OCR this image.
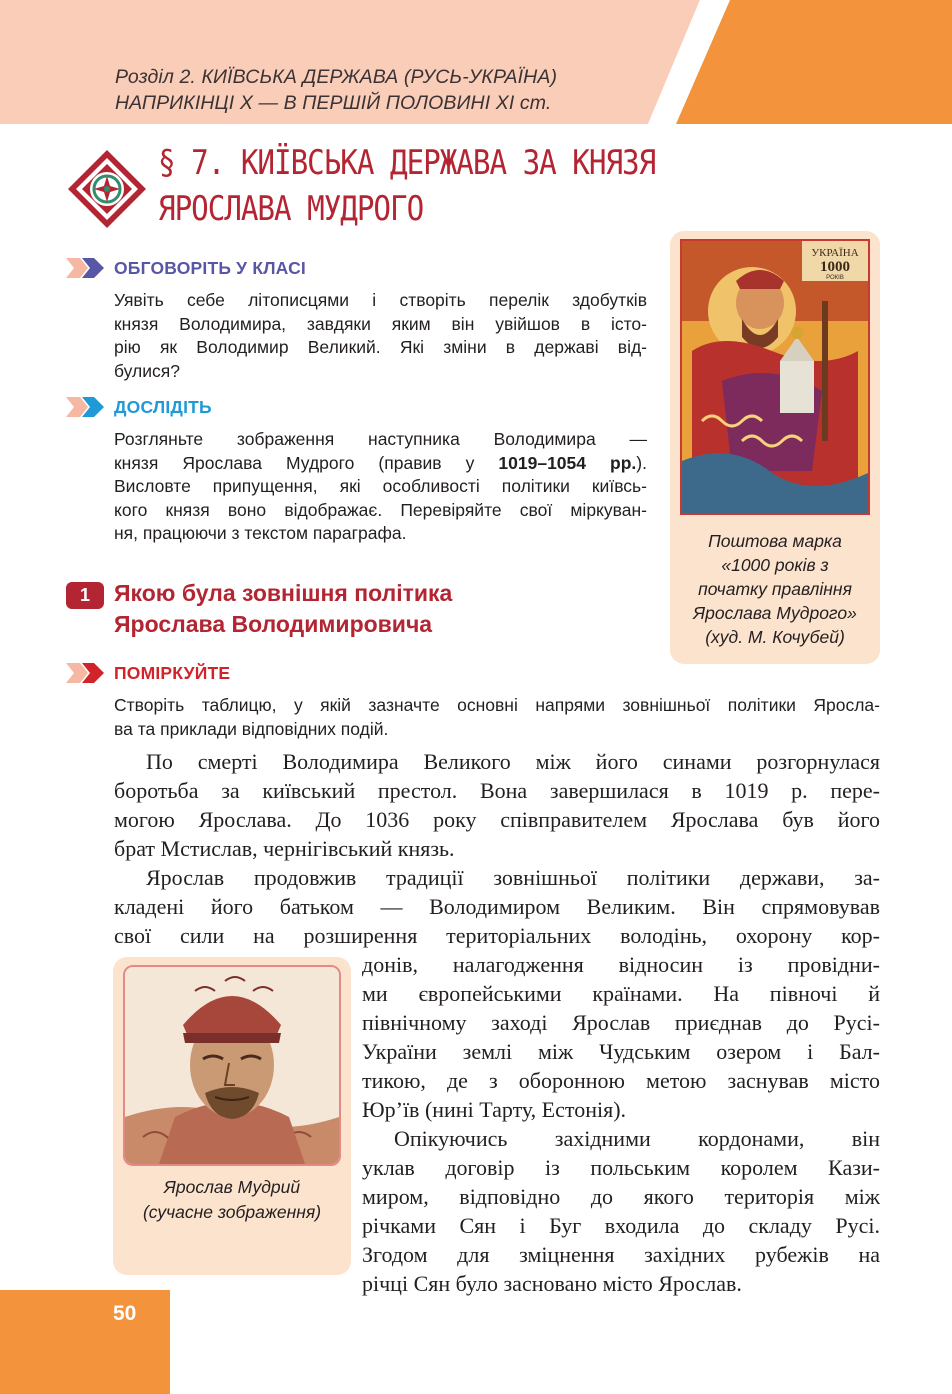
Розділ 2. КИЇВСЬКА ДЕРЖАВА (РУСЬ-УКРАЇНА)
НАПРИКІНЦІ Х — В ПЕРШІЙ ПОЛОВИНІ ХІ ст.
§ 7. КИЇВСЬКА ДЕРЖАВА ЗА КНЯЗЯ
ЯРОСЛАВА МУДРОГО
ОБГОВОРІТЬ У КЛАСІ
Уявіть себе літописцями і створіть перелік здобутків
князя Володимира, завдяки яким він увійшов в істо-
рію як Володимир Великий. Які зміни в державі від-
булися?
ДОСЛІДІТЬ
Розгляньте зображення наступника Володимира —
князя Ярослава Мудрого (правив у 1019–1054 рр.).
Висловте припущення, які особливості політики київсь-
кого князя воно відображає. Перевіряйте свої міркуван-
ня, працюючи з текстом параграфа.
УКРАЇНА
1000
РОКІВ
Поштова марка
«1000 років з
початку правління
Ярослава Мудрого»
(худ. М. Кочубей)
1	Якою була зовнішня політика
Ярослава Володимировича
ПОМІРКУЙТЕ
Створіть таблицю, у якій зазначте основні напрями зовнішньої політики Яросла-
ва та приклади відповідних подій.
По смерті Володимира Великого між його синами розгорнулася
боротьба за київський престол. Вона завершилася в 1019 р. пере-
могою Ярослава. До 1036 року співправителем Ярослава був його
брат Мстислав, чернігівський князь.
Ярослав продовжив традиції зовнішньої політики держави, за-
кладені його батьком — Володимиром Великим. Він спрямовував
свої сили на розширення територіальних володінь, охорону кор-
донів, налагодження відносин із провідни-
ми європейськими країнами. На півночі й
північному заході Ярослав приєднав до Русі-
України землі між Чудським озером і Бал-
тикою, де з оборонною метою заснував місто
Юр’їв (нині Тарту, Естонія).
Опікуючись західними кордонами, він
уклав договір із польським королем Кази-
миром, відповідно до якого територія між
річками Сян і Буг входила до складу Русі.
Згодом для зміцнення західних рубежів на
річці Сян було засновано місто Ярослав.
Ярослав Мудрий
(сучасне зображення)
50
